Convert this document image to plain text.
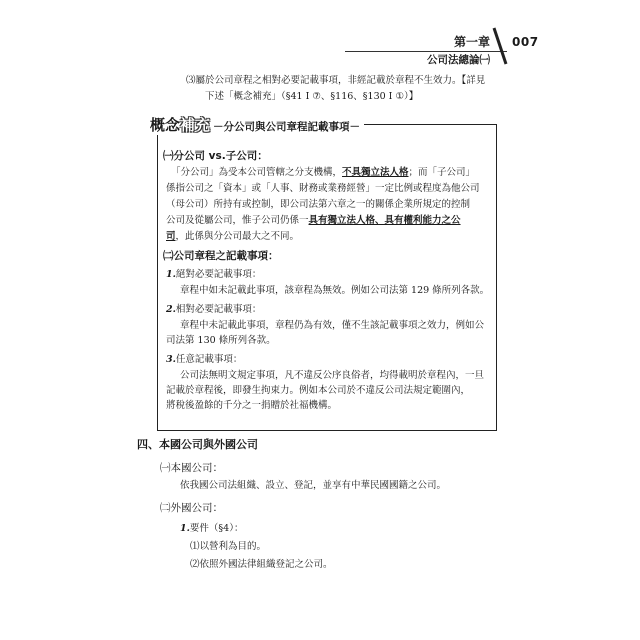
第一章
公司法總論㈠
007
⑶屬於公司章程之相對必要記載事項，非經記載於章程不生效力。【詳見
下述「概念補充」（§41 I ⑦、§116、§130 I ①）】
概念補充 －分公司與公司章程記載事項－
㈠分公司 vs.子公司：
「分公司」為受本公司管轄之分支機構，不具獨立法人格；而「子公司」
係指公司之「資本」或「人事、財務或業務經營」一定比例或程度為他公司
（母公司）所持有或控制，即公司法第六章之一的關係企業所規定的控制
公司及從屬公司，惟子公司仍係一具有獨立法人格、具有權利能力之公
司，此係與分公司最大之不同。
㈡公司章程之記載事項：
1.絕對必要記載事項：
章程中如未記載此事項，該章程為無效。例如公司法第 129 條所列各款。
2.相對必要記載事項：
章程中未記載此事項，章程仍為有效，僅不生該記載事項之效力，例如公
司法第 130 條所列各款。
3.任意記載事項：
公司法無明文規定事項，凡不違反公序良俗者，均得載明於章程內，一旦
記載於章程後，即發生拘束力。例如本公司於不違反公司法規定範圍內，
將稅後盈餘的千分之一捐贈於社福機構。
四、本國公司與外國公司
㈠本國公司：
依我國公司法組織、設立、登記，並享有中華民國國籍之公司。
㈡外國公司：
1.要件（§4）：
⑴以營利為目的。
⑵依照外國法律組織登記之公司。
